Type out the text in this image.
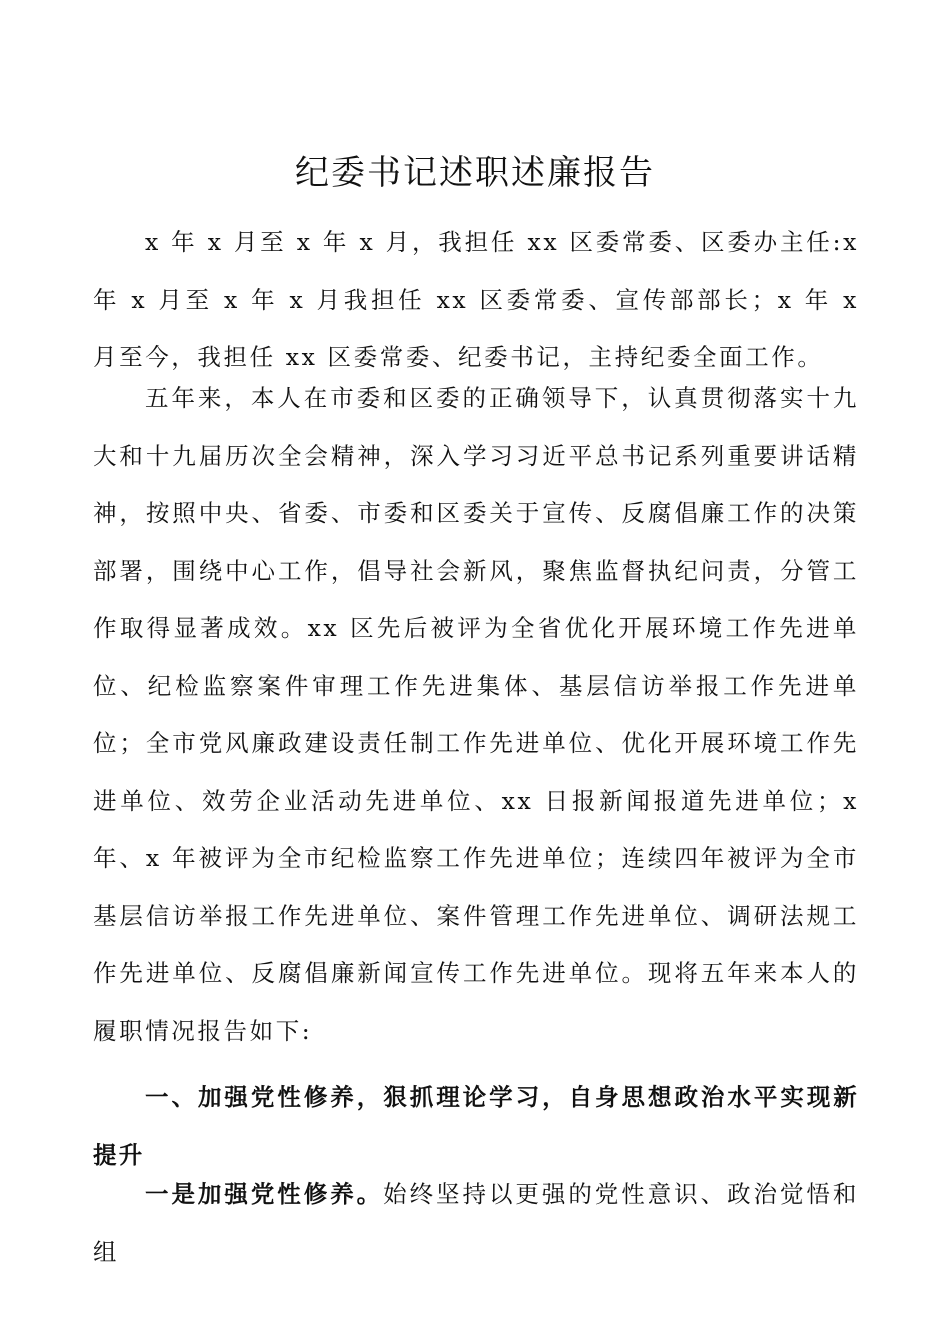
纪委书记述职述廉报告

x 年 x 月至 x 年 x 月，我担任 xx 区委常委、区委办主任:x 年 x 月至 x 年 x 月我担任 xx 区委常委、宣传部部长；x 年 x 月至今，我担任 xx 区委常委、纪委书记，主持纪委全面工作。

五年来，本人在市委和区委的正确领导下，认真贯彻落实十九大和十九届历次全会精神，深入学习习近平总书记系列重要讲话精神，按照中央、省委、市委和区委关于宣传、反腐倡廉工作的决策部署，围绕中心工作，倡导社会新风，聚焦监督执纪问责，分管工作取得显著成效。xx 区先后被评为全省优化开展环境工作先进单位、纪检监察案件审理工作先进集体、基层信访举报工作先进单位；全市党风廉政建设责任制工作先进单位、优化开展环境工作先进单位、效劳企业活动先进单位、xx 日报新闻报道先进单位；x 年、x 年被评为全市纪检监察工作先进单位；连续四年被评为全市基层信访举报工作先进单位、案件管理工作先进单位、调研法规工作先进单位、反腐倡廉新闻宣传工作先进单位。现将五年来本人的履职情况报告如下:

一、加强党性修养，狠抓理论学习，自身思想政治水平实现新提升

一是加强党性修养。始终坚持以更强的党性意识、政治觉悟和组
